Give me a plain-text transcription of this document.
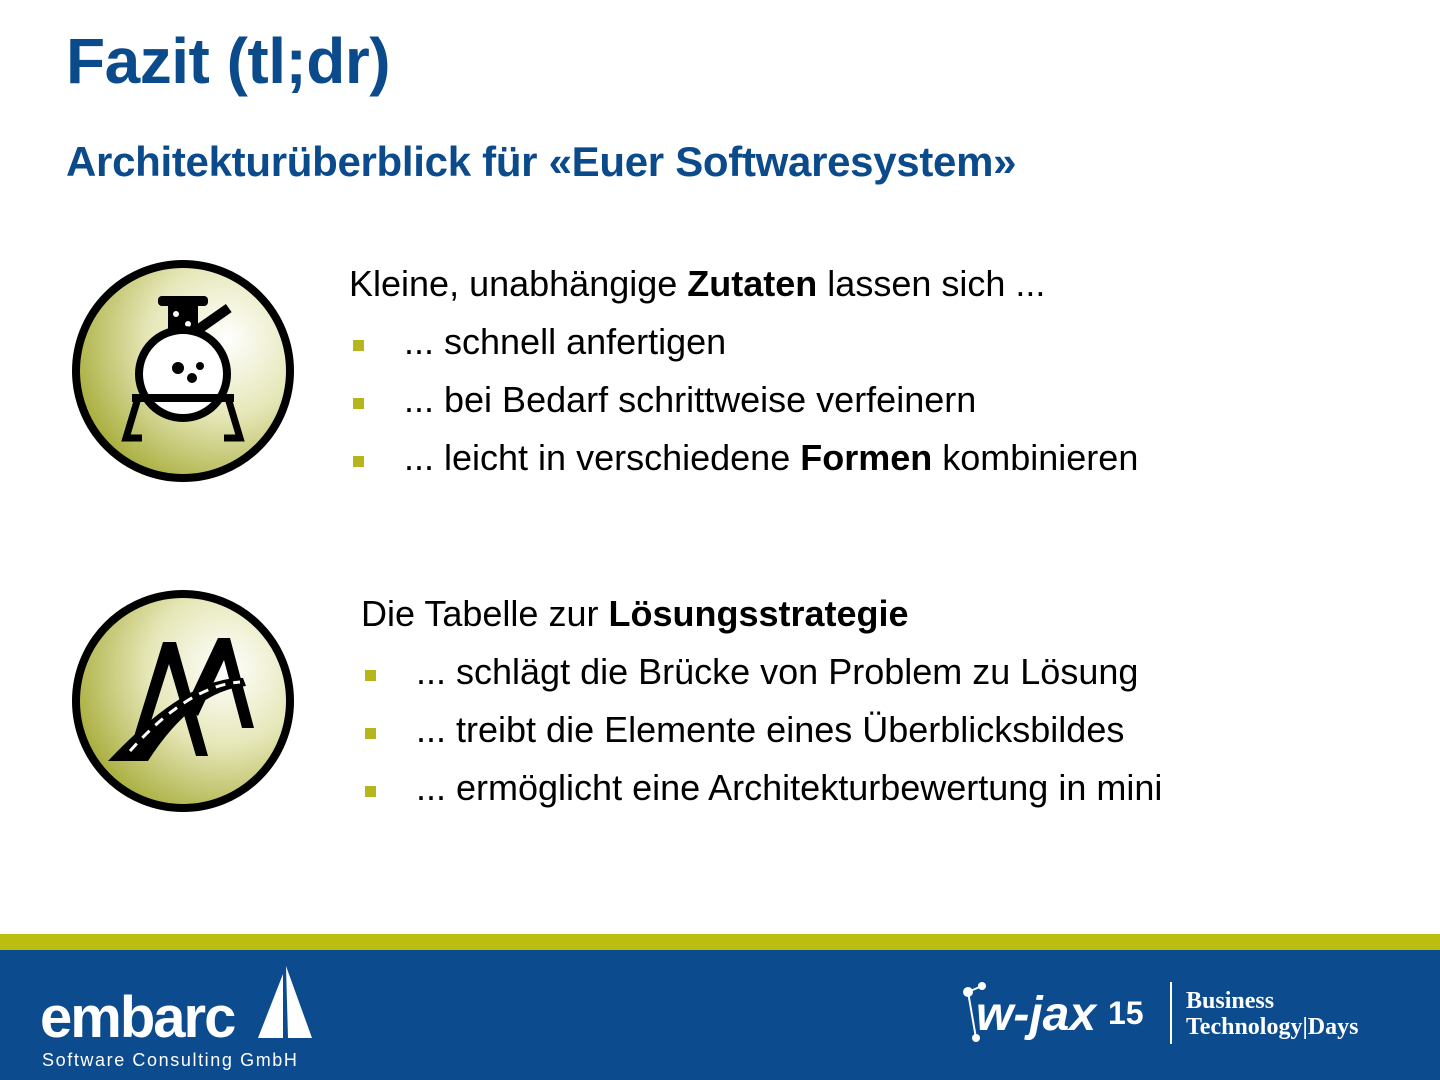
Fazit (tl;dr)
Architekturüberblick für «Euer Softwaresystem»
Kleine, unabhängige Zutaten lassen sich ...
... schnell anfertigen
... bei Bedarf schrittweise verfeinern
... leicht in verschiedene Formen kombinieren
Die Tabelle zur Lösungsstrategie
... schlägt die Brücke von Problem zu Lösung
... treibt die Elemente eines Überblicksbildes
... ermöglicht eine Architekturbewertung in mini
embarc
Software Consulting GmbH
w-jax 15 Business
Technology|Days
